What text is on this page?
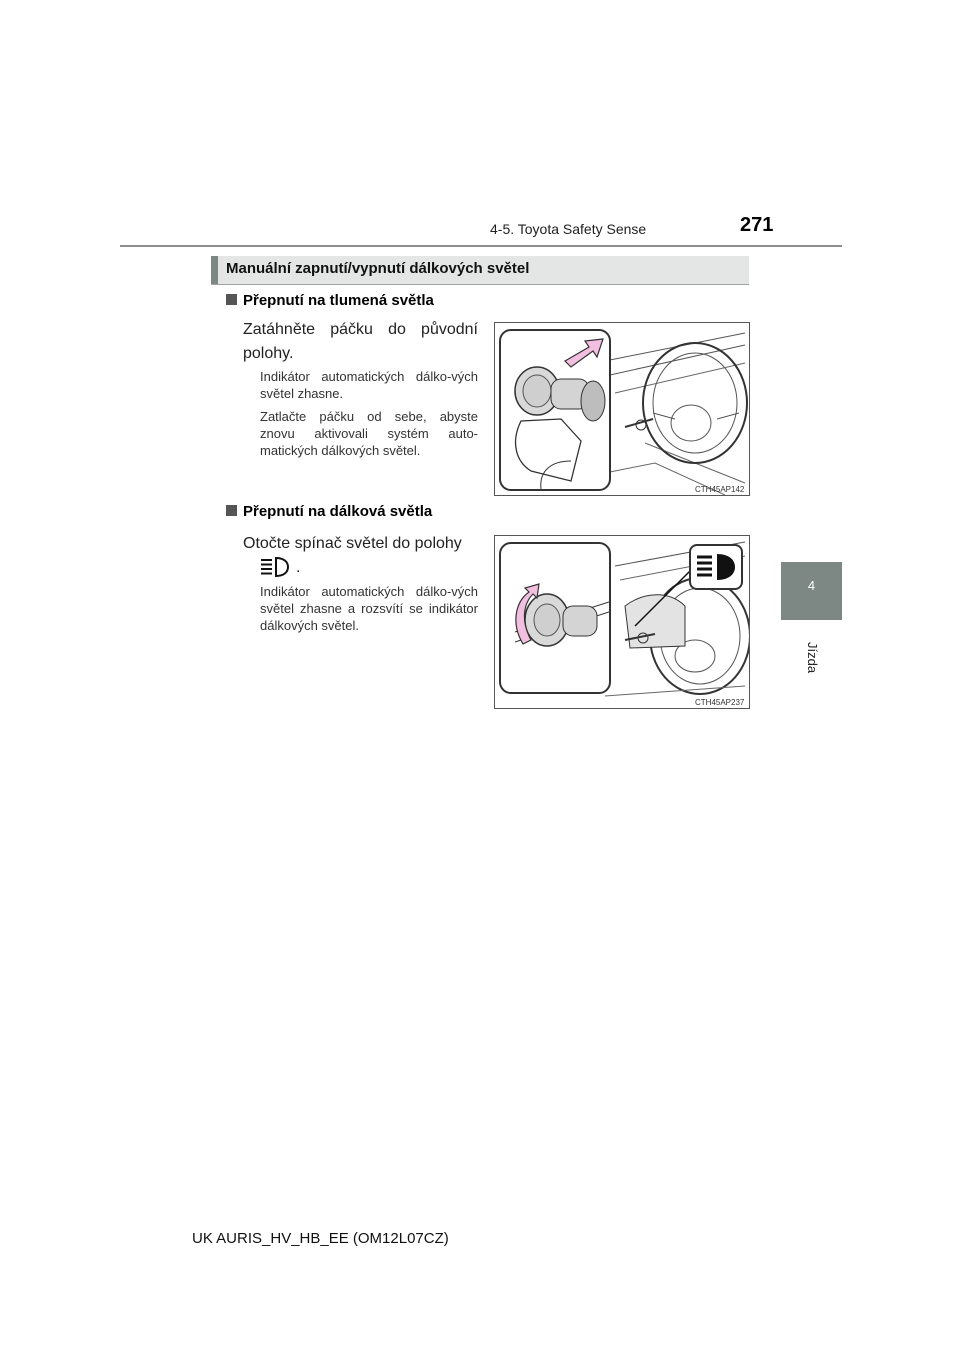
4-5. Toyota Safety Sense	271
4
Jízda
Manuální zapnutí/vypnutí dálkových světel
Přepnutí na tlumená světla
Zatáhněte páčku do původní polohy.
Indikátor automatických dálko-vých světel zhasne.
Zatlačte páčku od sebe, abyste znovu aktivovali systém auto-matických dálkových světel.
CTH45AP142
Přepnutí na dálková světla
Otočte spínač světel do polohy
.
Indikátor automatických dálko-vých světel zhasne a rozsvítí se indikátor dálkových světel.
CTH45AP237
UK AURIS_HV_HB_EE (OM12L07CZ)
